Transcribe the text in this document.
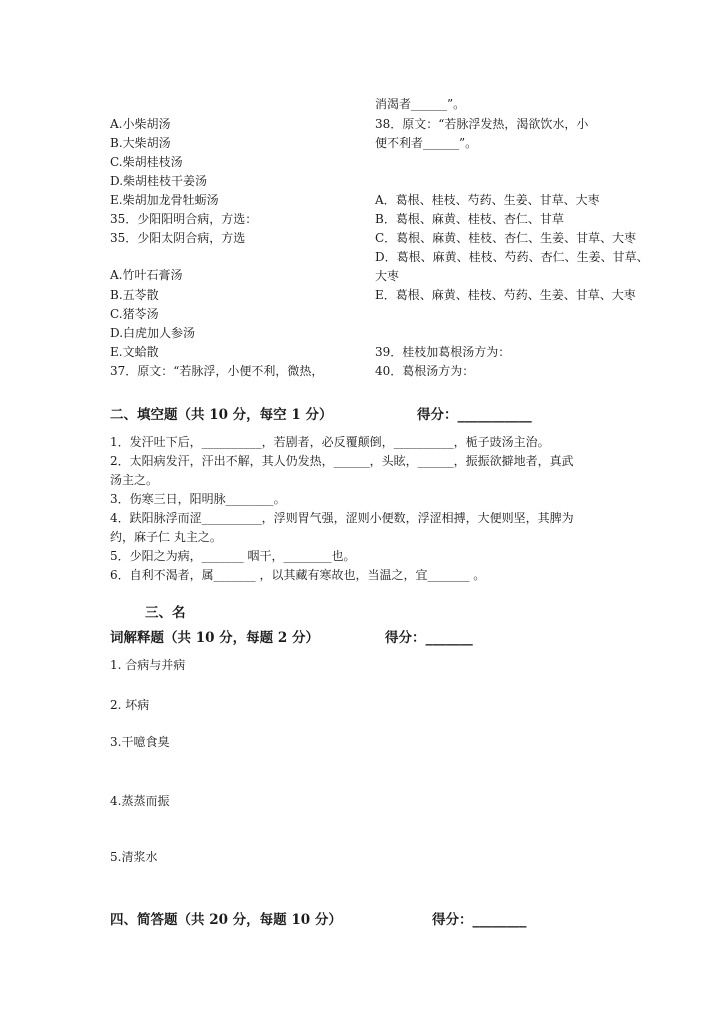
A.小柴胡汤
B.大柴胡汤
C.柴胡桂枝汤
D.柴胡桂枝干姜汤
E.柴胡加龙骨牡蛎汤
35．少阳阳明合病，方选：
35．少阳太阴合病，方选
A.竹叶石膏汤
B.五苓散
C.猪苓汤
D.白虎加人参汤
E.文蛤散
37．原文：“若脉浮，小便不利，微热，
消渴者______”。
38．原文：“若脉浮发热，渴欲饮水，小
便不利者______”。
A．葛根、桂枝、芍药、生姜、甘草、大枣
B．葛根、麻黄、桂枝、杏仁、甘草
C．葛根、麻黄、桂枝、杏仁、生姜、甘草、大枣
D．葛根、麻黄、桂枝、芍药、杏仁、生姜、甘草、
大枣
E．葛根、麻黄、桂枝、芍药、生姜、甘草、大枣
39．桂枝加葛根汤方为：
40．葛根汤方为：
二、填空题（共 10 分，每空 1 分）	得分：___________
1．发汗吐下后，__________，若剧者，必反覆颠倒，__________，栀子豉汤主治。
2．太阳病发汗，汗出不解，其人仍发热，______，头眩，______，振振欲擗地者，真武
汤主之。
3．伤寒三日，阳明脉________。
4．趺阳脉浮而涩__________，浮则胃气强，涩则小便数，浮涩相搏，大便则坚，其脾为
约，麻子仁 丸主之。
5．少阳之为病，_______ 咽干，________也。
6．自利不渴者，属_______ ，以其藏有寒故也，当温之，宜_______ 。
三、名
词解释题（共 10 分，每题 2 分）	得分：_______
1. 合病与并病
2. 坏病
3.干噫食臭
4.蒸蒸而振
5.清浆水
四、简答题（共 20 分，每题 10 分）	得分：________
